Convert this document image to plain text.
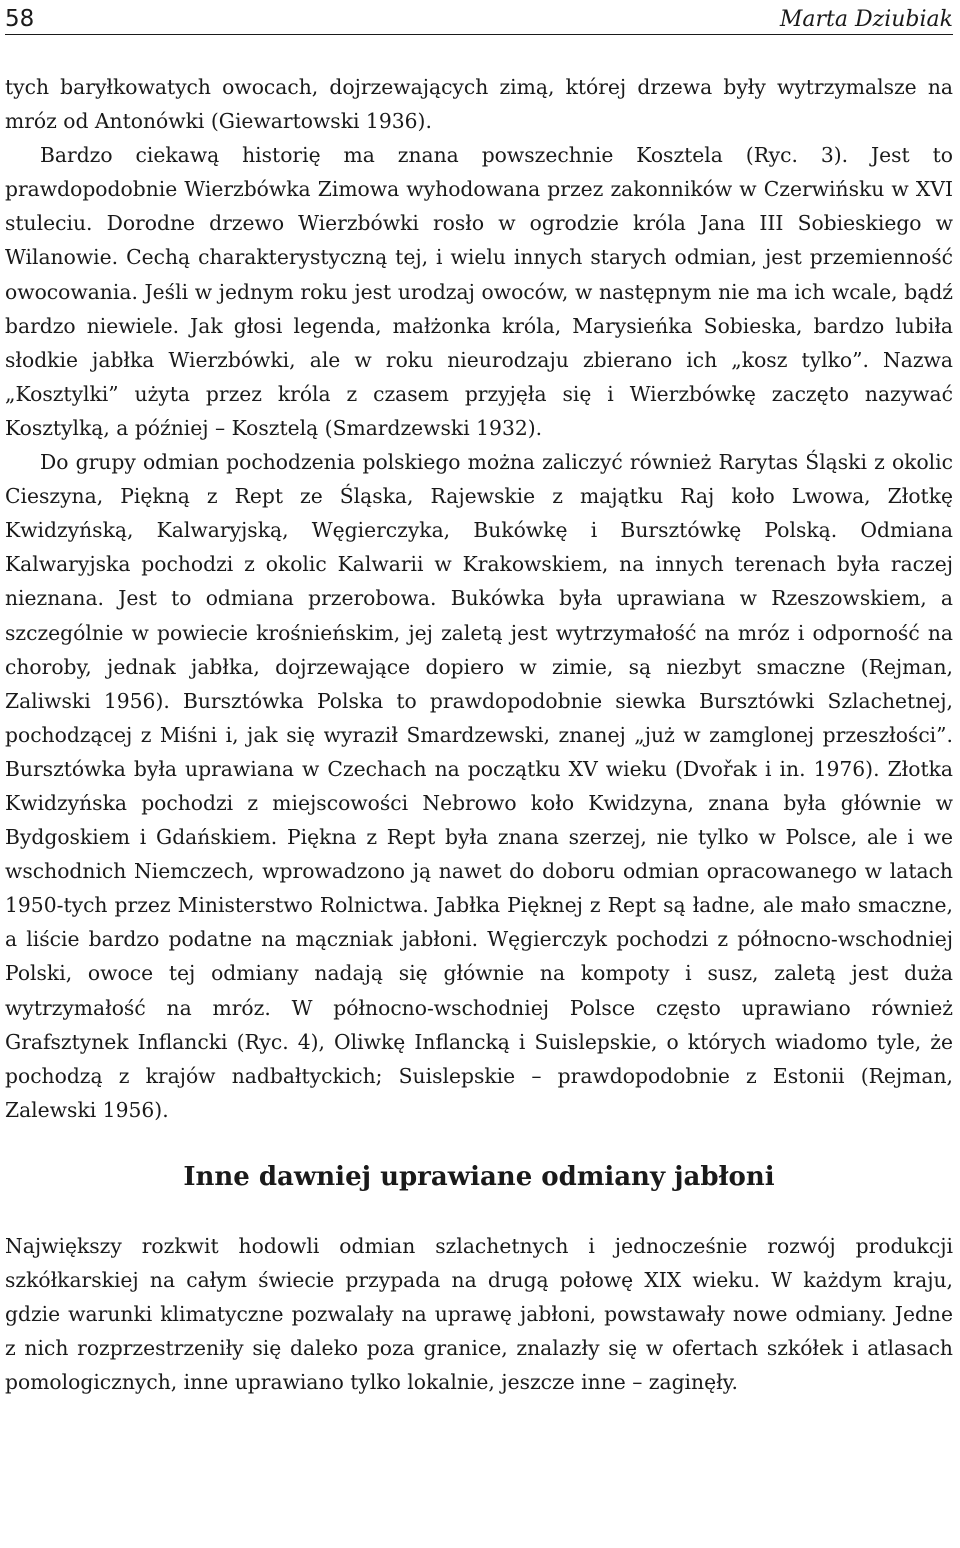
58	Marta Dziubiak

tych baryłkowatych owocach, dojrzewających zimą, której drzewa były wytrzymalsze na mróz od Antonówki (Giewartowski 1936).

Bardzo ciekawą historię ma znana powszechnie Kosztela (Ryc. 3). Jest to prawdopodobnie Wierzbówka Zimowa wyhodowana przez zakonników w Czerwińsku w XVI stuleciu. Dorodne drzewo Wierzbówki rosło w ogrodzie króla Jana III Sobieskiego w Wilanowie. Cechą charakterystyczną tej, i wielu innych starych odmian, jest przemienność owocowania. Jeśli w jednym roku jest urodzaj owoców, w następnym nie ma ich wcale, bądź bardzo niewiele. Jak głosi legenda, małżonka króla, Marysieńka Sobieska, bardzo lubiła słodkie jabłka Wierzbówki, ale w roku nieurodzaju zbierano ich „kosz tylko”. Nazwa „Kosztylki” użyta przez króla z czasem przyjęła się i Wierzbówkę zaczęto nazywać Kosztylką, a później – Kosztelą (Smardzewski 1932).

Do grupy odmian pochodzenia polskiego można zaliczyć również Rarytas Śląski z okolic Cieszyna, Piękną z Rept ze Śląska, Rajewskie z majątku Raj koło Lwowa, Złotkę Kwidzyńską, Kalwaryjską, Węgierczyka, Bukówkę i Bursztówkę Polską. Odmiana Kalwaryjska pochodzi z okolic Kalwarii w Krakowskiem, na innych terenach była raczej nieznana. Jest to odmiana przerobowa. Bukówka była uprawiana w Rzeszowskiem, a szczególnie w powiecie krośnieńskim, jej zaletą jest wytrzymałość na mróz i odporność na choroby, jednak jabłka, dojrzewające dopiero w zimie, są niezbyt smaczne (Rejman, Zaliwski 1956). Bursztówka Polska to prawdopodobnie siewka Bursztówki Szlachetnej, pochodzącej z Miśni i, jak się wyraził Smardzewski, znanej „już w zamglonej przeszłości”. Bursztówka była uprawiana w Czechach na początku XV wieku (Dvořak i in. 1976). Złotka Kwidzyńska pochodzi z miejscowości Nebrowo koło Kwidzyna, znana była głównie w Bydgoskiem i Gdańskiem. Piękna z Rept była znana szerzej, nie tylko w Polsce, ale i we wschodnich Niemczech, wprowadzono ją nawet do doboru odmian opracowanego w latach 1950-tych przez Ministerstwo Rolnictwa. Jabłka Pięknej z Rept są ładne, ale mało smaczne, a liście bardzo podatne na mączniak jabłoni. Węgierczyk pochodzi z północno-wschodniej Polski, owoce tej odmiany nadają się głównie na kompoty i susz, zaletą jest duża wytrzymałość na mróz. W północno-wschodniej Polsce często uprawiano również Grafsztynek Inflancki (Ryc. 4), Oliwkę Inflancką i Suislepskie, o których wiadomo tyle, że pochodzą z krajów nadbałtyckich; Suislepskie – prawdopodobnie z Estonii (Rejman, Zalewski 1956).

Inne dawniej uprawiane odmiany jabłoni

Największy rozkwit hodowli odmian szlachetnych i jednocześnie rozwój produkcji szkółkarskiej na całym świecie przypada na drugą połowę XIX wieku. W każdym kraju, gdzie warunki klimatyczne pozwalały na uprawę jabłoni, powstawały nowe odmiany. Jedne z nich rozprzestrzeniły się daleko poza granice, znalazły się w ofertach szkółek i atlasach pomologicznych, inne uprawiano tylko lokalnie, jeszcze inne – zaginęły.
